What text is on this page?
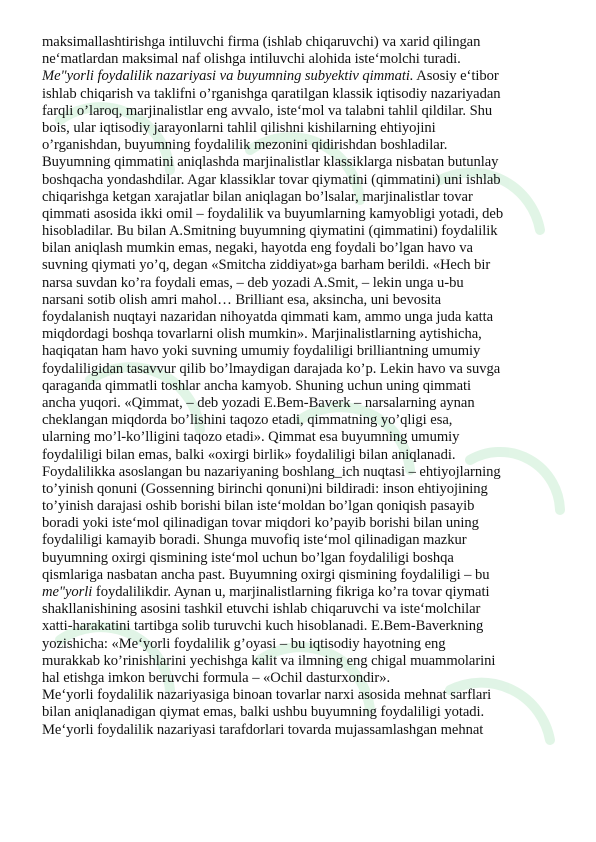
maksimallashtirishga intiluvchi firma (ishlab chiqaruvchi) va xarid qilingan
ne‘matlardan maksimal naf olishga intiluvchi alohida iste‘molchi turadi.
Me"yorli foydalilik nazariyasi va buyumning subyektiv qimmati. Asosiy e‘tibor
ishlab chiqarish va taklifni o’rganishga qaratilgan klassik iqtisodiy nazariyadan
farqli o’laroq, marjinalistlar eng avvalo, iste‘mol va talabni tahlil qildilar. Shu
bois, ular iqtisodiy jarayonlarni tahlil qilishni kishilarning ehtiyojini
o’rganishdan, buyumning foydalilik mezonini qidirishdan boshladilar.
Buyumning qimmatini aniqlashda marjinalistlar klassiklarga nisbatan butunlay
boshqacha yondashdilar. Agar klassiklar tovar qiymatini (qimmatini) uni ishlab
chiqarishga ketgan xarajatlar bilan aniqlagan bo’lsalar, marjinalistlar tovar
qimmati asosida ikki omil – foydalilik va buyumlarning kamyobligi yotadi, deb
hisobladilar. Bu bilan A.Smitning buyumning qiymatini (qimmatini) foydalilik
bilan aniqlash mumkin emas, negaki, hayotda eng foydali bo’lgan havo va
suvning qiymati yo’q, degan «Smitcha ziddiyat»ga barham berildi. «Hech bir
narsa suvdan ko’ra foydali emas, – deb yozadi A.Smit, – lekin unga u-bu
narsani sotib olish amri mahol… Brilliant esa, aksincha, uni bevosita
foydalanish nuqtayi nazaridan nihoyatda qimmati kam, ammo unga juda katta
miqdordagi boshqa tovarlarni olish mumkin». Marjinalistlarning aytishicha,
haqiqatan ham havo yoki suvning umumiy foydaliligi brilliantning umumiy
foydaliligidan tasavvur qilib bo’lmaydigan darajada ko’p. Lekin havo va suvga
qaraganda qimmatli toshlar ancha kamyob. Shuning uchun uning qimmati
ancha yuqori. «Qimmat, – deb yozadi E.Bem-Baverk – narsalarning aynan
cheklangan miqdorda bo’lishini taqozo etadi, qimmatning yo’qligi esa,
ularning mo’l-ko’lligini taqozo etadi». Qimmat esa buyumning umumiy
foydaliligi bilan emas, balki «oxirgi birlik» foydaliligi bilan aniqlanadi.
Foydalilikka asoslangan bu nazariyaning boshlang_ich nuqtasi – ehtiyojlarning
to’yinish qonuni (Gossenning birinchi qonuni)ni bildiradi: inson ehtiyojining
to’yinish darajasi oshib borishi bilan iste‘moldan bo’lgan qoniqish pasayib
boradi yoki iste‘mol qilinadigan tovar miqdori ko’payib borishi bilan uning
foydaliligi kamayib boradi. Shunga muvofiq iste‘mol qilinadigan mazkur
buyumning oxirgi qismining iste‘mol uchun bo’lgan foydaliligi boshqa
qismlariga nasbatan ancha past. Buyumning oxirgi qismining foydaliligi – bu
me"yorli foydalilikdir. Aynan u, marjinalistlarning fikriga ko’ra tovar qiymati
shakllanishining asosini tashkil etuvchi ishlab chiqaruvchi va iste‘molchilar
xatti-harakatini tartibga solib turuvchi kuch hisoblanadi. E.Bem-Baverkning
yozishicha: «Me‘yorli foydalilik g’oyasi – bu iqtisodiy hayotning eng
murakkab ko’rinishlarini yechishga kalit va ilmning eng chigal muammolarini
hal etishga imkon beruvchi formula – «Ochil dasturxondir».
Me‘yorli foydalilik nazariyasiga binoan tovarlar narxi asosida mehnat sarflari
bilan aniqlanadigan qiymat emas, balki ushbu buyumning foydaliligi yotadi.
Me‘yorli foydalilik nazariyasi tarafdorlari tovarda mujassamlashgan mehnat
